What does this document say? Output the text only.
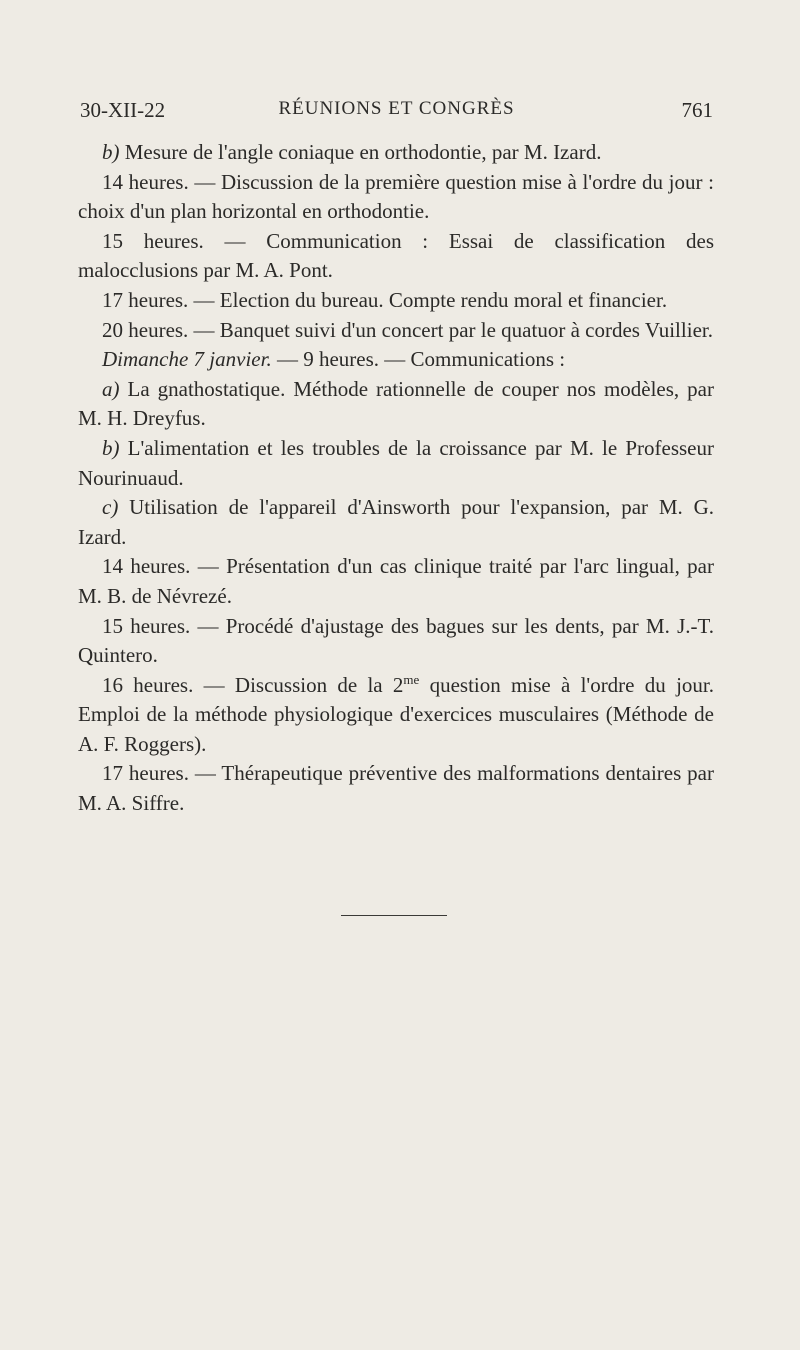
30-XII-22	RÉUNIONS ET CONGRÈS	761

b) Mesure de l'angle coniaque en orthodontie, par M. Izard.

14 heures. — Discussion de la première question mise à l'ordre du jour : choix d'un plan horizontal en orthodontie.

15 heures. — Communication : Essai de classification des malocclusions par M. A. Pont.

17 heures. — Election du bureau. Compte rendu moral et financier.

20 heures. — Banquet suivi d'un concert par le quatuor à cordes Vuillier.

Dimanche 7 janvier. — 9 heures. — Communications :

a) La gnathostatique. Méthode rationnelle de couper nos modèles, par M. H. Dreyfus.

b) L'alimentation et les troubles de la croissance par M. le Professeur Nourinuaud.

c) Utilisation de l'appareil d'Ainsworth pour l'expansion, par M. G. Izard.

14 heures. — Présentation d'un cas clinique traité par l'arc lingual, par M. B. de Névrezé.

15 heures. — Procédé d'ajustage des bagues sur les dents, par M. J.-T. Quintero.

16 heures. — Discussion de la $2^{me}$ question mise à l'ordre du jour. Emploi de la méthode physiologique d'exercices musculaires (Méthode de A. F. Roggers).

17 heures. — Thérapeutique préventive des malformations dentaires par M. A. Siffre.
